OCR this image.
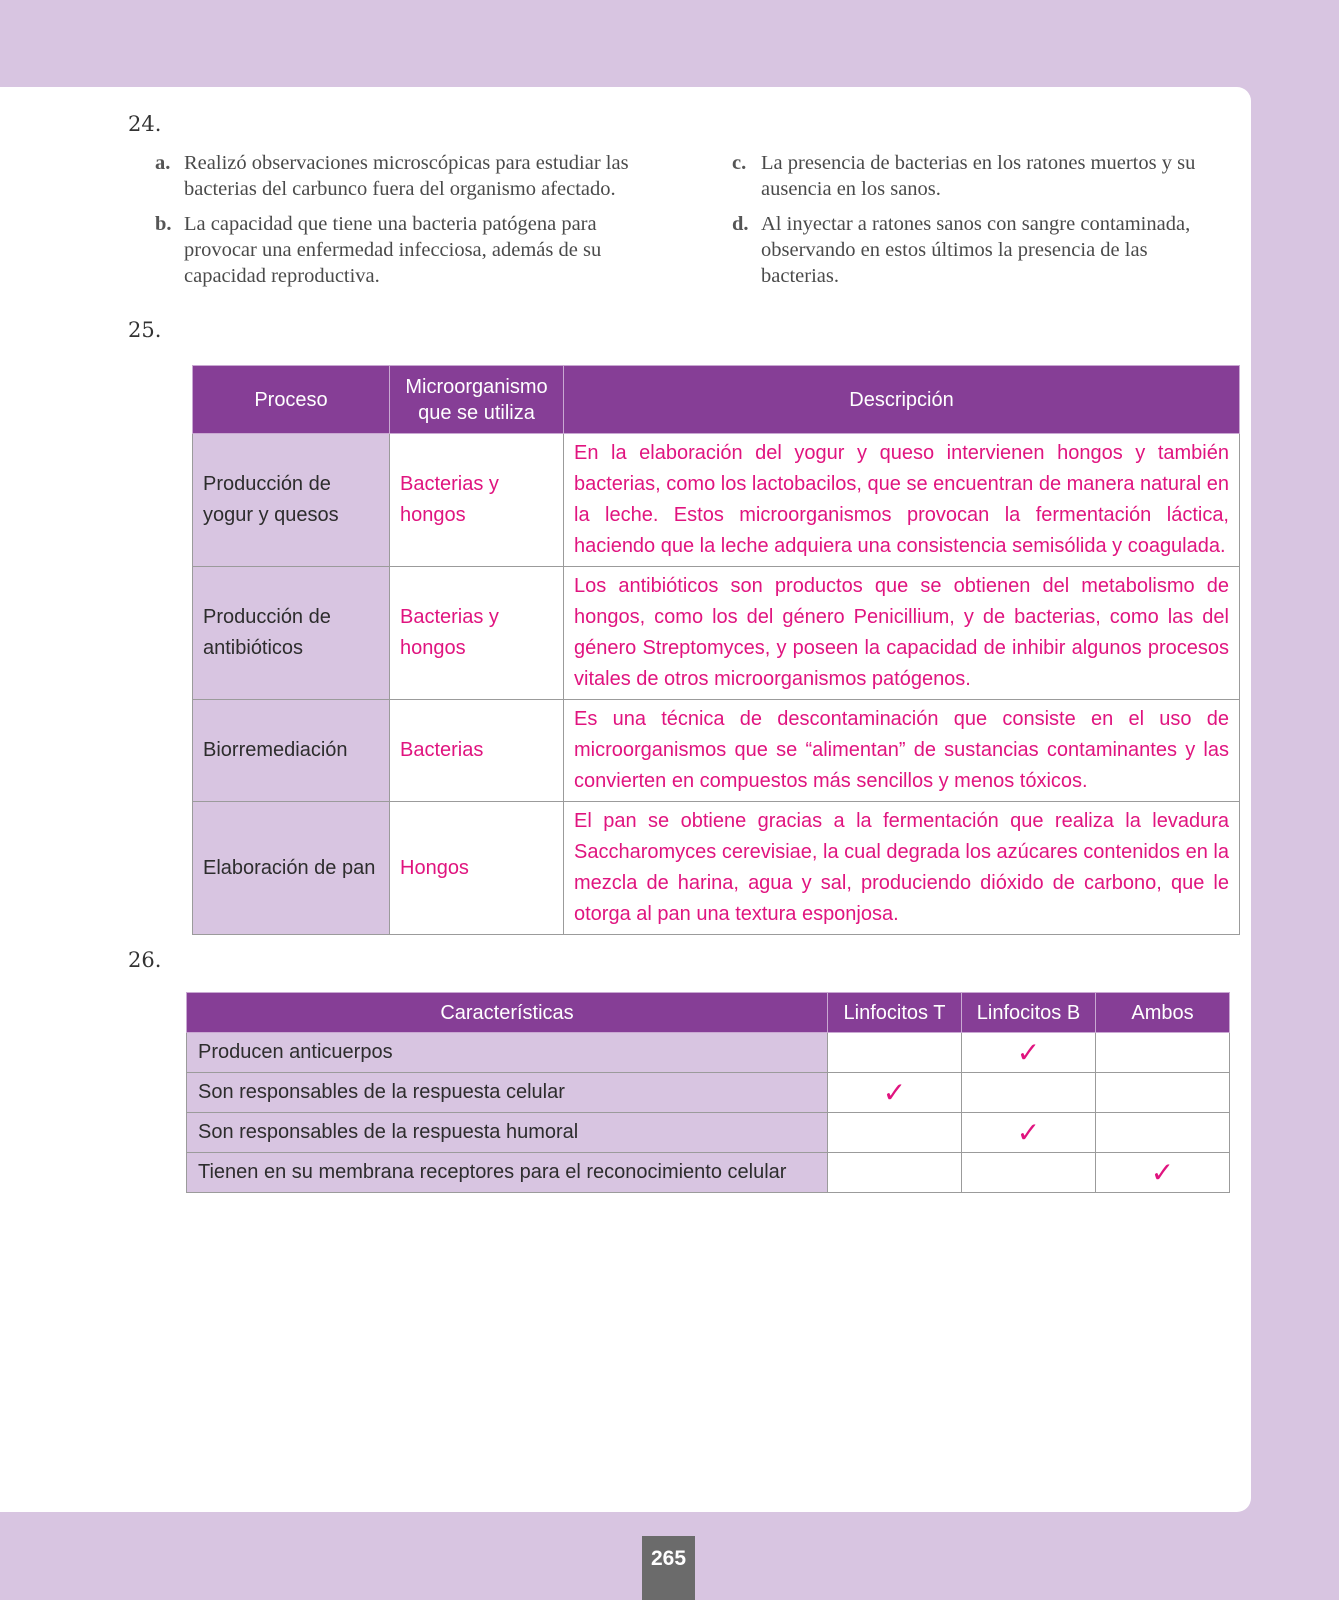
24.
a. Realizó observaciones microscópicas para estudiar las bacterias del carbunco fuera del organismo afectado.
b. La capacidad que tiene una bacteria patógena para provocar una enfermedad infecciosa, además de su capacidad reproductiva.
c. La presencia de bacterias en los ratones muertos y su ausencia en los sanos.
d. Al inyectar a ratones sanos con sangre contaminada, observando en estos últimos la presencia de las bacterias.
25.
Proceso	Microorganismo que se utiliza	Descripción
Producción de yogur y quesos	Bacterias y hongos	En la elaboración del yogur y queso intervienen hongos y también bacterias, como los lactobacilos, que se encuentran de manera natural en la leche. Estos microorganismos provocan la fermentación láctica, haciendo que la leche adquiera una consistencia semisólida y coagulada.
Producción de antibióticos	Bacterias y hongos	Los antibióticos son productos que se obtienen del metabolismo de hongos, como los del género Penicillium, y de bacterias, como las del género Streptomyces, y poseen la capacidad de inhibir algunos procesos vitales de otros microorganismos patógenos.
Biorremediación	Bacterias	Es una técnica de descontaminación que consiste en el uso de microorganismos que se “alimentan” de sustancias contaminantes y las convierten en compuestos más sencillos y menos tóxicos.
Elaboración de pan	Hongos	El pan se obtiene gracias a la fermentación que realiza la levadura Saccharomyces cerevisiae, la cual degrada los azúcares contenidos en la mezcla de harina, agua y sal, produciendo dióxido de carbono, que le otorga al pan una textura esponjosa.
26.
Características	Linfocitos T	Linfocitos B	Ambos
Producen anticuerpos		✓	
Son responsables de la respuesta celular	✓		
Son responsables de la respuesta humoral		✓	
Tienen en su membrana receptores para el reconocimiento celular			✓
265
